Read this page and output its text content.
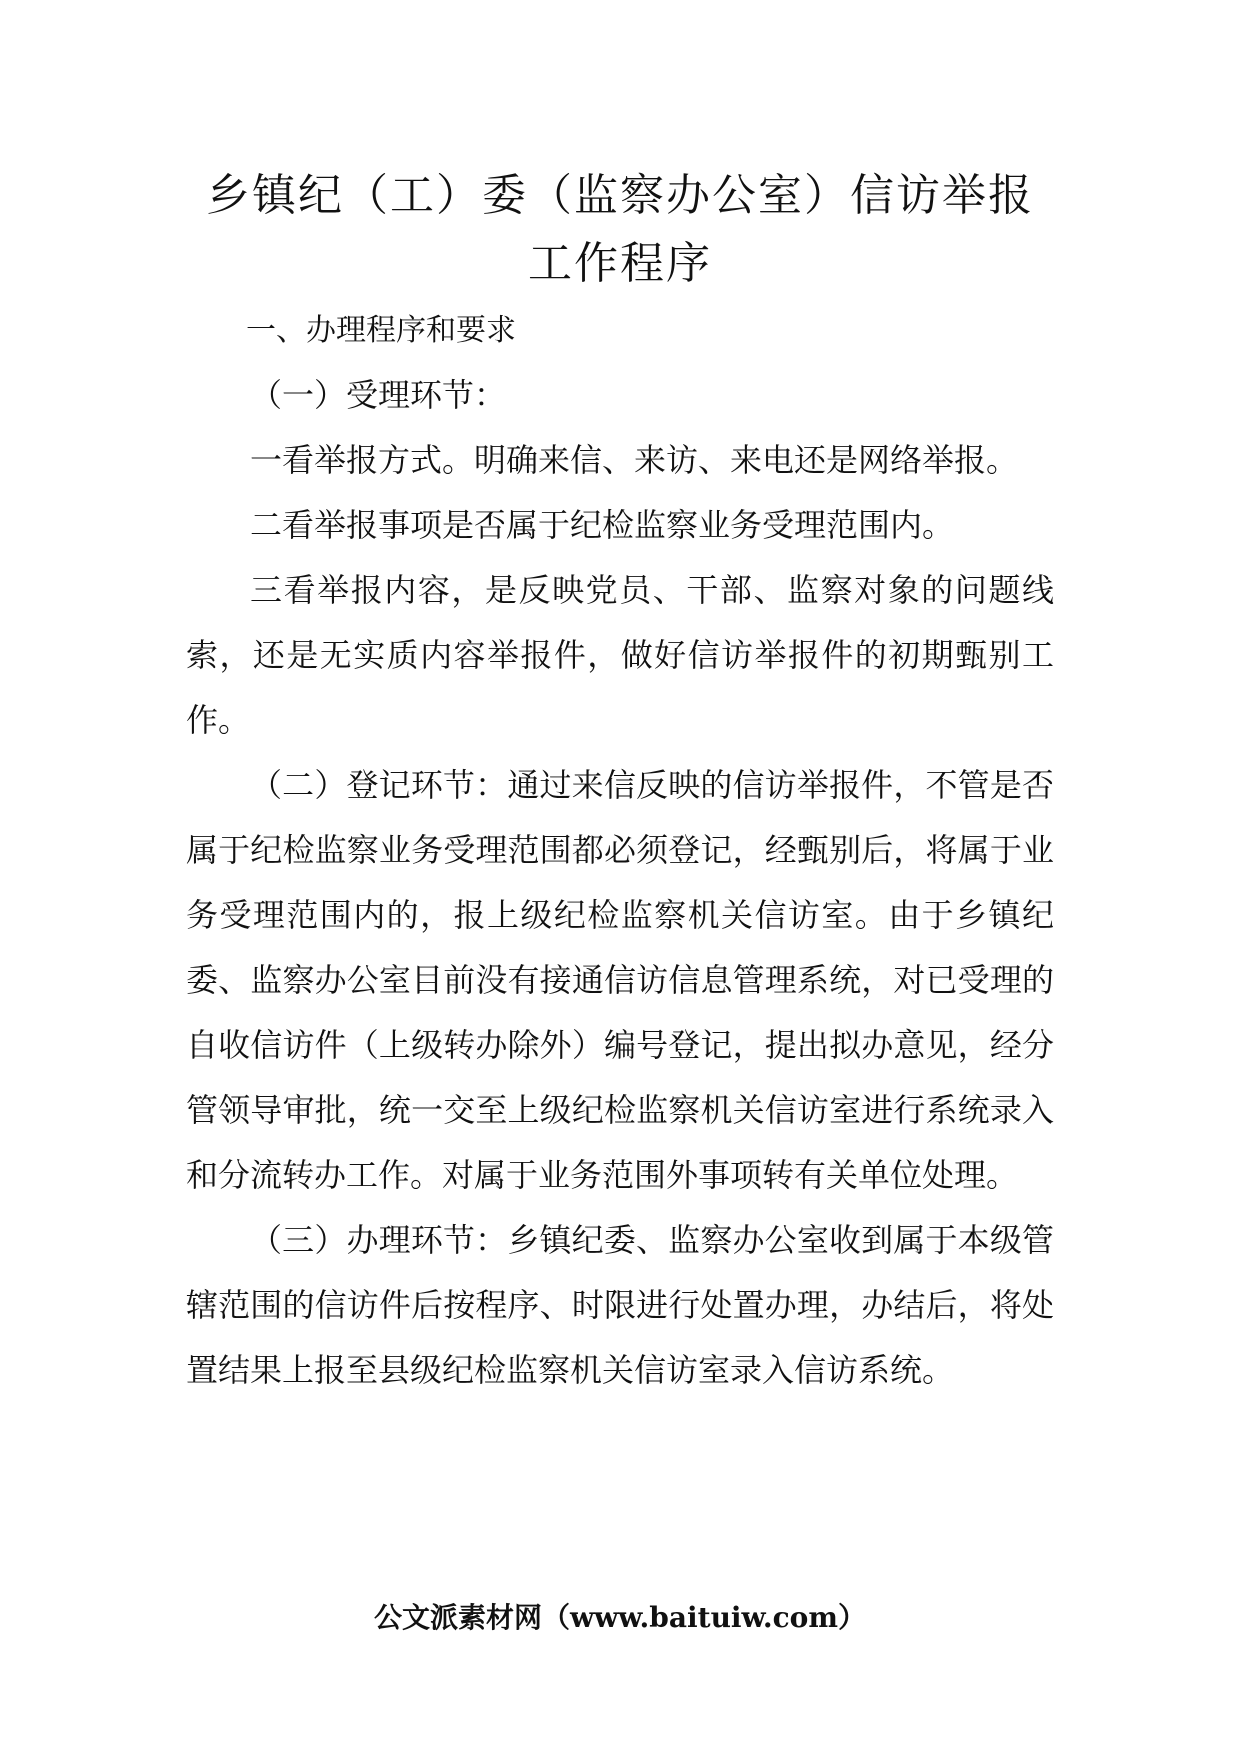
乡镇纪（工）委（监察办公室）信访举报
工作程序

一、办理程序和要求

（一）受理环节：

一看举报方式。明确来信、来访、来电还是网络举报。

二看举报事项是否属于纪检监察业务受理范围内。

三看举报内容，是反映党员、干部、监察对象的问题线索，还是无实质内容举报件，做好信访举报件的初期甄别工作。

（二）登记环节：通过来信反映的信访举报件，不管是否属于纪检监察业务受理范围都必须登记，经甄别后，将属于业务受理范围内的，报上级纪检监察机关信访室。由于乡镇纪委、监察办公室目前没有接通信访信息管理系统，对已受理的自收信访件（上级转办除外）编号登记，提出拟办意见，经分管领导审批，统一交至上级纪检监察机关信访室进行系统录入和分流转办工作。对属于业务范围外事项转有关单位处理。

（三）办理环节：乡镇纪委、监察办公室收到属于本级管辖范围的信访件后按程序、时限进行处置办理，办结后，将处置结果上报至县级纪检监察机关信访室录入信访系统。

公文派素材网（www.baituiw.com）
